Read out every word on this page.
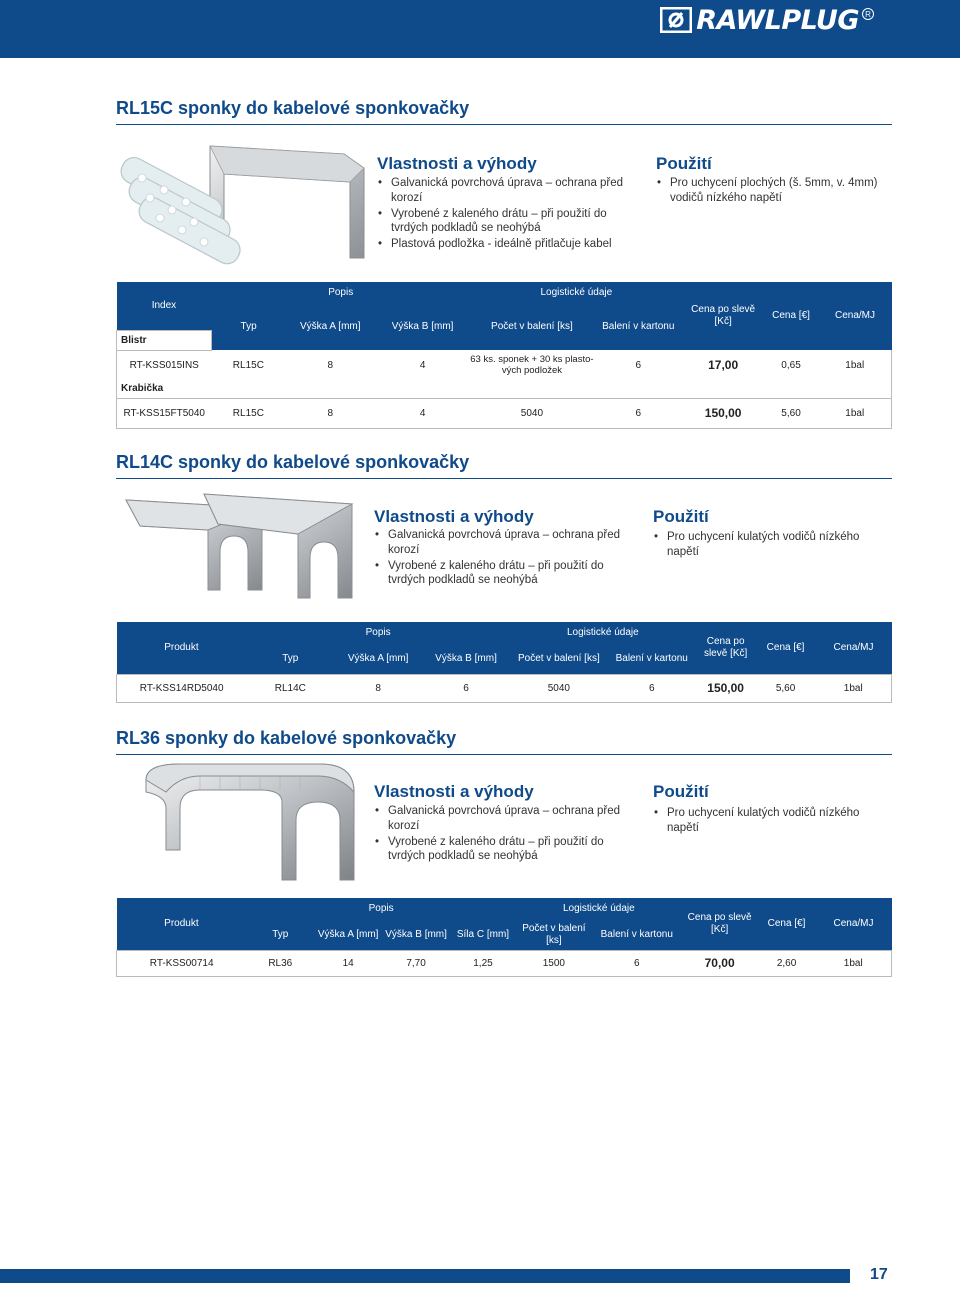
RAWLPLUG R
RL15C sponky do kabelové sponkovačky
Vlastnosti a výhody
• Galvanická povrchová úprava – ochrana před korozí
• Vyrobené z kaleného drátu – při použití do tvrdých podkladů se neohýbá
• Plastová podložka - ideálně přitlačuje kabel
Použití
• Pro uchycení plochých (š. 5mm, v. 4mm) vodičů nízkého napětí
Index	Popis			Logistické údaje		Cena po slevě [Kč]	Cena [€]	Cena/MJ
	Typ	Výška A [mm]	Výška B [mm]	Počet v balení [ks]	Balení v kartonu			
Blistr								
RT-KSS015INS	RL15C	8	4	63 ks. sponek + 30 ks plasto-vých podložek	6	17,00	0,65	1bal
Krabička								
RT-KSS15FT5040	RL15C	8	4	5040	6	150,00	5,60	1bal
RL14C sponky do kabelové sponkovačky
Vlastnosti a výhody
• Galvanická povrchová úprava – ochrana před korozí
• Vyrobené z kaleného drátu – při použití do tvrdých podkladů se neohýbá
Použití
• Pro uchycení kulatých vodičů nízkého napětí
Produkt	Popis			Logistické údaje		Cena po slevě [Kč]	Cena [€]	Cena/MJ
	Typ	Výška A [mm]	Výška B [mm]	Počet v balení [ks]	Balení v kartonu			
RT-KSS14RD5040	RL14C	8	6	5040	6	150,00	5,60	1bal
RL36 sponky do kabelové sponkovačky
Vlastnosti a výhody
• Galvanická povrchová úprava – ochrana před korozí
• Vyrobené z kaleného drátu – při použití do tvrdých podkladů se neohýbá
Použití
• Pro uchycení kulatých vodičů nízkého napětí
Produkt	Popis				Logistické údaje		Cena po slevě [Kč]	Cena [€]	Cena/MJ
	Typ	Výška A [mm]	Výška B [mm]	Síla C [mm]	Počet v balení [ks]	Balení v kartonu			
RT-KSS00714	RL36	14	7,70	1,25	1500	6	70,00	2,60	1bal
17
